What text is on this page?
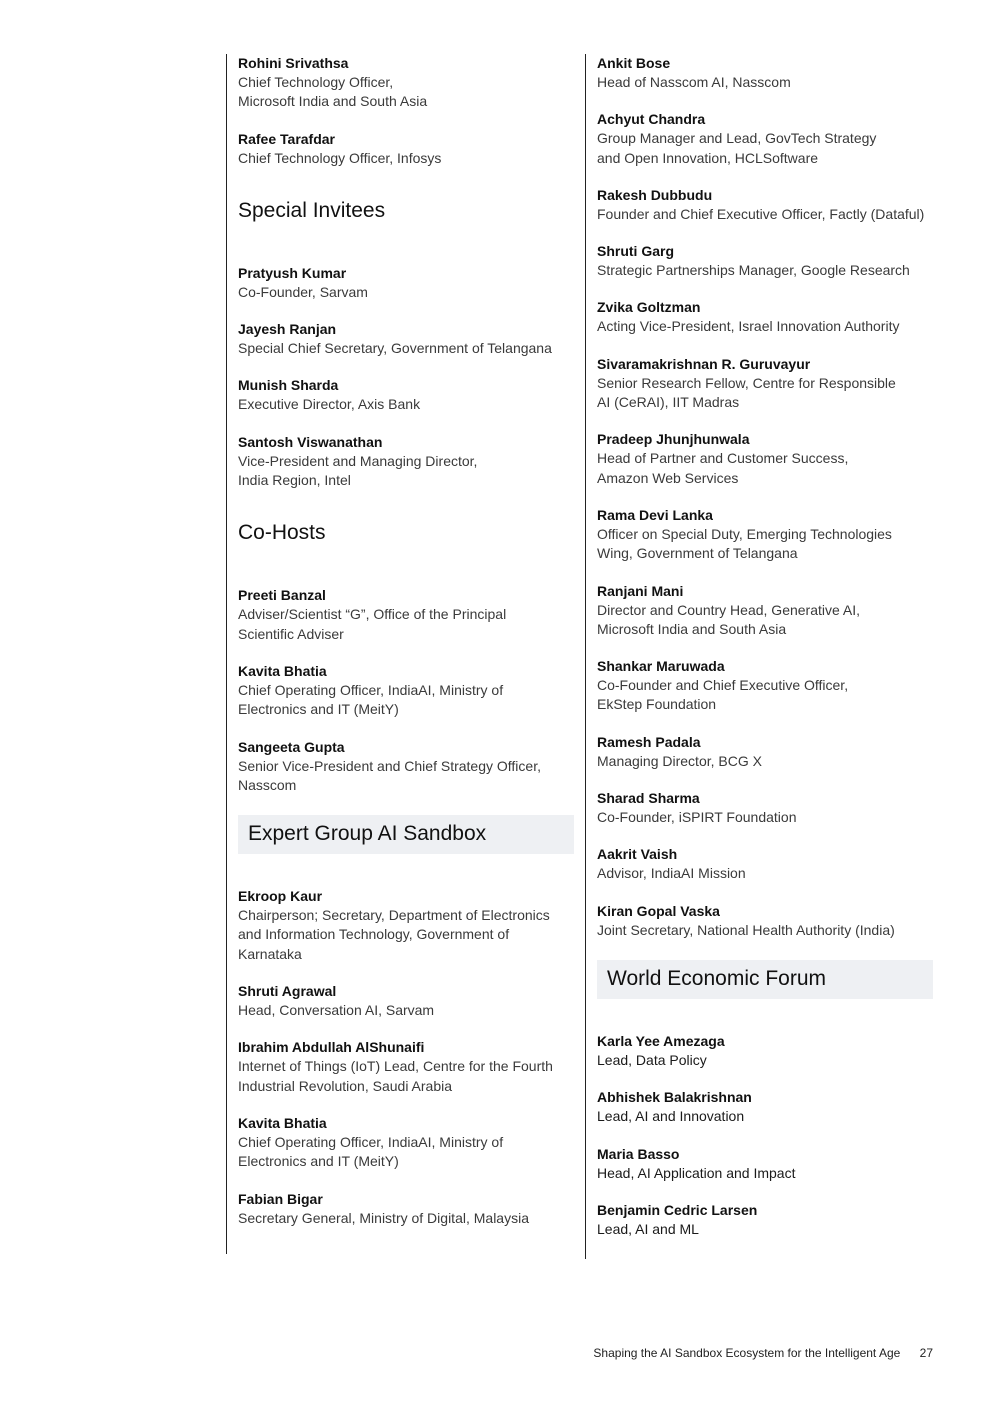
Rohini Srivathsa
Chief Technology Officer,
Microsoft India and South Asia
Rafee Tarafdar
Chief Technology Officer, Infosys
Special Invitees
Pratyush Kumar
Co-Founder, Sarvam
Jayesh Ranjan
Special Chief Secretary, Government of Telangana
Munish Sharda
Executive Director, Axis Bank
Santosh Viswanathan
Vice-President and Managing Director,
India Region, Intel
Co-Hosts
Preeti Banzal
Adviser/Scientist “G”, Office of the Principal
Scientific Adviser
Kavita Bhatia
Chief Operating Officer, IndiaAI, Ministry of
Electronics and IT (MeitY)
Sangeeta Gupta
Senior Vice-President and Chief Strategy Officer,
Nasscom
Expert Group AI Sandbox
Ekroop Kaur
Chairperson; Secretary, Department of Electronics
and Information Technology, Government of
Karnataka
Shruti Agrawal
Head, Conversation AI, Sarvam
Ibrahim Abdullah AlShunaifi
Internet of Things (IoT) Lead, Centre for the Fourth
Industrial Revolution, Saudi Arabia
Kavita Bhatia
Chief Operating Officer, IndiaAI, Ministry of
Electronics and IT (MeitY)
Fabian Bigar
Secretary General, Ministry of Digital, Malaysia
Ankit Bose
Head of Nasscom AI, Nasscom
Achyut Chandra
Group Manager and Lead, GovTech Strategy
and Open Innovation, HCLSoftware
Rakesh Dubbudu
Founder and Chief Executive Officer, Factly (Dataful)
Shruti Garg
Strategic Partnerships Manager, Google Research
Zvika Goltzman
Acting Vice-President, Israel Innovation Authority
Sivaramakrishnan R. Guruvayur
Senior Research Fellow, Centre for Responsible
AI (CeRAI), IIT Madras
Pradeep Jhunjhunwala
Head of Partner and Customer Success,
Amazon Web Services
Rama Devi Lanka
Officer on Special Duty, Emerging Technologies
Wing, Government of Telangana
Ranjani Mani
Director and Country Head, Generative AI,
Microsoft India and South Asia
Shankar Maruwada
Co-Founder and Chief Executive Officer,
EkStep Foundation
Ramesh Padala
Managing Director, BCG X
Sharad Sharma
Co-Founder, iSPIRT Foundation
Aakrit Vaish
Advisor, IndiaAI Mission
Kiran Gopal Vaska
Joint Secretary, National Health Authority (India)
World Economic Forum
Karla Yee Amezaga
Lead, Data Policy
Abhishek Balakrishnan
Lead, AI and Innovation
Maria Basso
Head, AI Application and Impact
Benjamin Cedric Larsen
Lead, AI and ML
Shaping the AI Sandbox Ecosystem for the Intelligent Age 27
